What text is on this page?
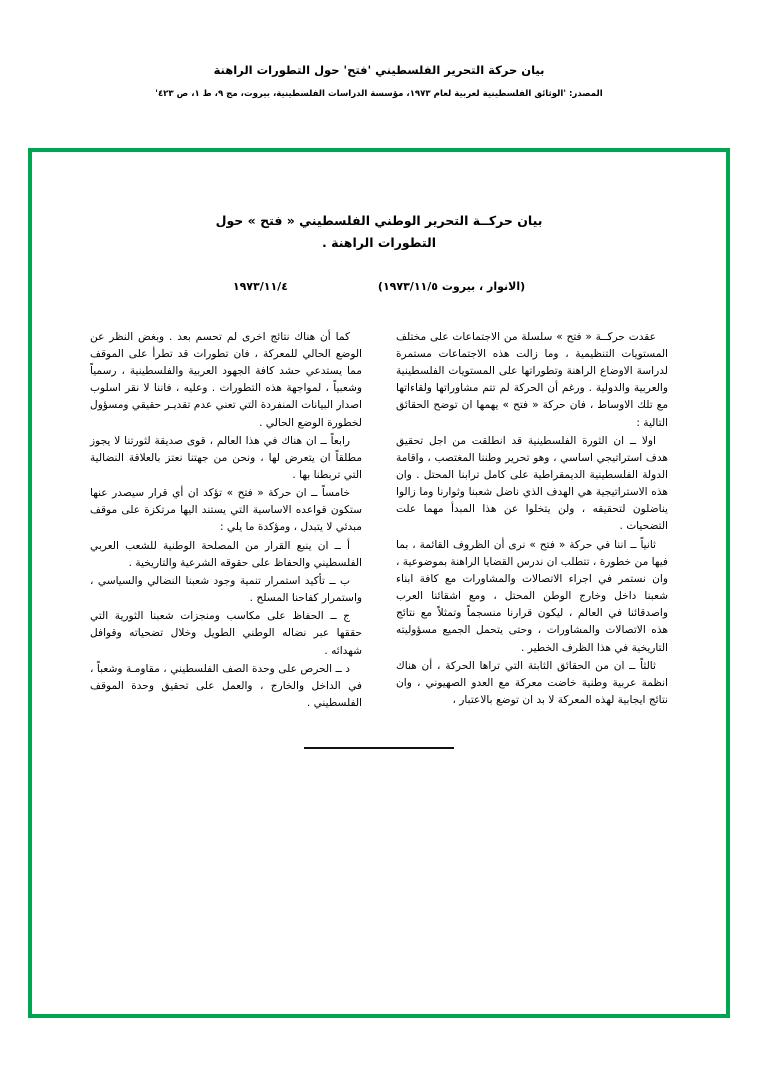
بيان حركة التحرير الفلسطيني 'فتح' حول التطورات الراهنة
المصدر: 'الوثائق الفلسطينية لعربية لعام ١٩٧٣، مؤسسة الدراسات الفلسطينية، بيروت، مج ٩، ط ١، ص ٤٢٣'
بيان حركــة التحرير الوطني الفلسطيني « فتح » حول
التطورات الراهنة .
(الانوار ، بيروت ١٩٧٣/١١/٥)
١٩٧٣/١١/٤

عقدت حركــة « فتح » سلسلة من الاجتماعات على مختلف المستويات التنظيمية ، وما زالت هذه الاجتماعات مستمرة لدراسة الاوضاع الراهنة وتطوراتها على المستويات الفلسطينية والعربية والدولية . ورغم أن الحركة لم تتم مشاوراتها ولقاءاتها مع تلك الاوساط ، فان حركة « فتح » يهمها ان توضح الحقائق التالية :

اولا ــ ان الثورة الفلسطينية قد انطلقت من اجل تحقيق هدف استراتيجي اساسي ، وهو تحرير وطننا المغتصب ، واقامة الدولة الفلسطينية الديمقراطية على كامل ترابنا المحتل . وان هذه الاستراتيجية هي الهدف الذي ناضل شعبنا وثوارنا وما زالوا يناضلون لتحقيقه ، ولن يتخلوا عن هذا المبدأ مهما علت التضحيات .

ثانياً ــ اننا في حركة « فتح » نرى أن الظروف القائمة ، بما فيها من خطورة ، تتطلب ان ندرس القضايا الراهنة بموضوعية ، وان نستمر في اجراء الاتصالات والمشاورات مع كافة ابناء شعبنا داخل وخارج الوطن المحتل ، ومع اشقائنا العرب واصدقائنا في العالم ، ليكون قرارنا منسجماً وتمثلاً مع نتائج هذه الاتصالات والمشاورات ، وحتى يتحمل الجميع مسؤوليته التاريخية في هذا الظرف الخطير .

ثالثاً ــ ان من الحقائق الثابتة التي تراها الحركة ، أن هناك انظمة عربية وطنية خاضت معركة مع العدو الصهيوني ، وان نتائج ايجابية لهذه المعركة لا بد ان توضع بالاعتبار ،

كما أن هناك نتائج اخرى لم تحسم بعد . وبغض النظر عن الوضع الحالي للمعركة ، فان تطورات قد تطرأ على الموقف مما يستدعي حشد كافة الجهود العربية والفلسطينية ، رسمياً وشعبياً ، لمواجهة هذه التطورات . وعليه ، فاننا لا نقر اسلوب اصدار البيانات المنفردة التي تعني عدم تقديـر حقيقي ومسؤول لخطورة الوضع الحالي .

رابعاً ــ ان هناك في هذا العالم ، قوى صديقة لثورتنا لا يجوز مطلقاً ان يتعرض لها ، ونحن من جهتنا نعتز بالعلاقة النضالية التي تربطنا بها .

خامساً ــ ان حركة « فتح » تؤكد ان أي قرار سيصدر عنها ستكون قواعده الاساسية التي يستند اليها مرتكزة على موقف مبدئي لا يتبدل ، ومؤكدة ما يلي :

أ ــ ان ينبع القرار من المصلحة الوطنية للشعب العربي الفلسطيني والحفاظ على حقوقه الشرعية والتاريخية .

ب ــ تأكيد استمرار تنمية وجود شعبنا النضالي والسياسي ، واستمرار كفاحنا المسلح .

ج ــ الحفاظ على مكاسب ومنجزات شعبنا الثورية التي حققها عبر نضاله الوطني الطويل وخلال تضحياته وقوافل شهدائه .

د ــ الحرص على وحدة الصف الفلسطيني ، مقاومـة وشعباً ، في الداخل والخارج ، والعمل على تحقيق وحدة الموقف الفلسطيني .
